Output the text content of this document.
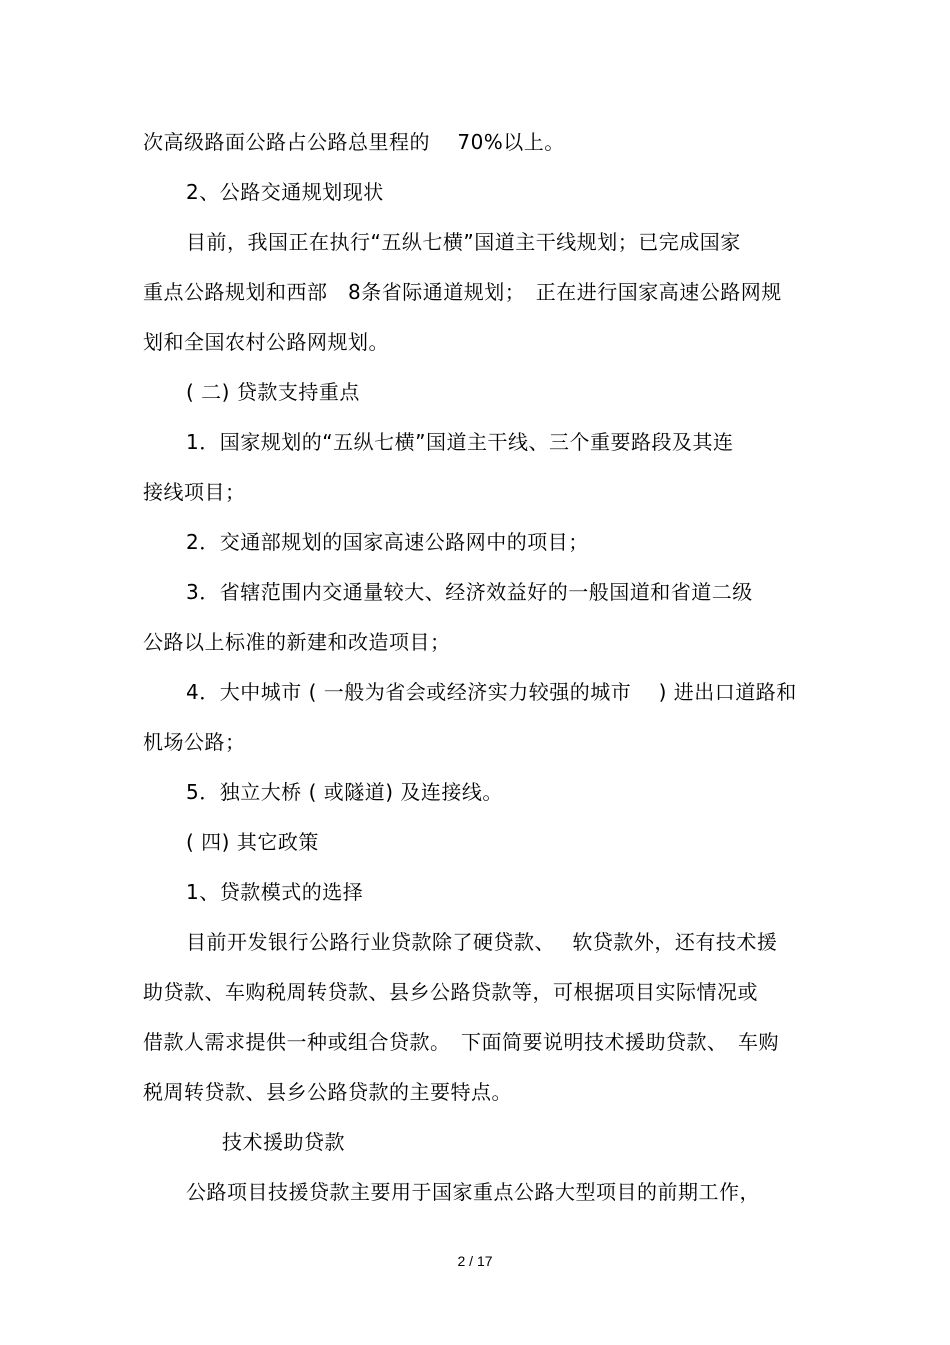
次高级路面公路占公路总里程的　 70%以上。
2、公路交通规划现状
目前，我国正在执行“五纵七横”国道主干线规划；已完成国家
重点公路规划和西部　8条省际通道规划；　正在进行国家高速公路网规
划和全国农村公路网规划。
( 二) 贷款支持重点
1．国家规划的“五纵七横”国道主干线、三个重要路段及其连
接线项目；
2．交通部规划的国家高速公路网中的项目；
3．省辖范围内交通量较大、经济效益好的一般国道和省道二级
公路以上标准的新建和改造项目；
4．大中城市 ( 一般为省会或经济实力较强的城市　 ) 进出口道路和
机场公路；
5．独立大桥 ( 或隧道) 及连接线。
( 四) 其它政策
1、贷款模式的选择
目前开发银行公路行业贷款除了硬贷款、　 软贷款外，还有技术援
助贷款、车购税周转贷款、县乡公路贷款等，可根据项目实际情况或
借款人需求提供一种或组合贷款。　下面简要说明技术援助贷款、　车购
税周转贷款、县乡公路贷款的主要特点。
技术援助贷款
公路项目技援贷款主要用于国家重点公路大型项目的前期工作，
2 / 17
